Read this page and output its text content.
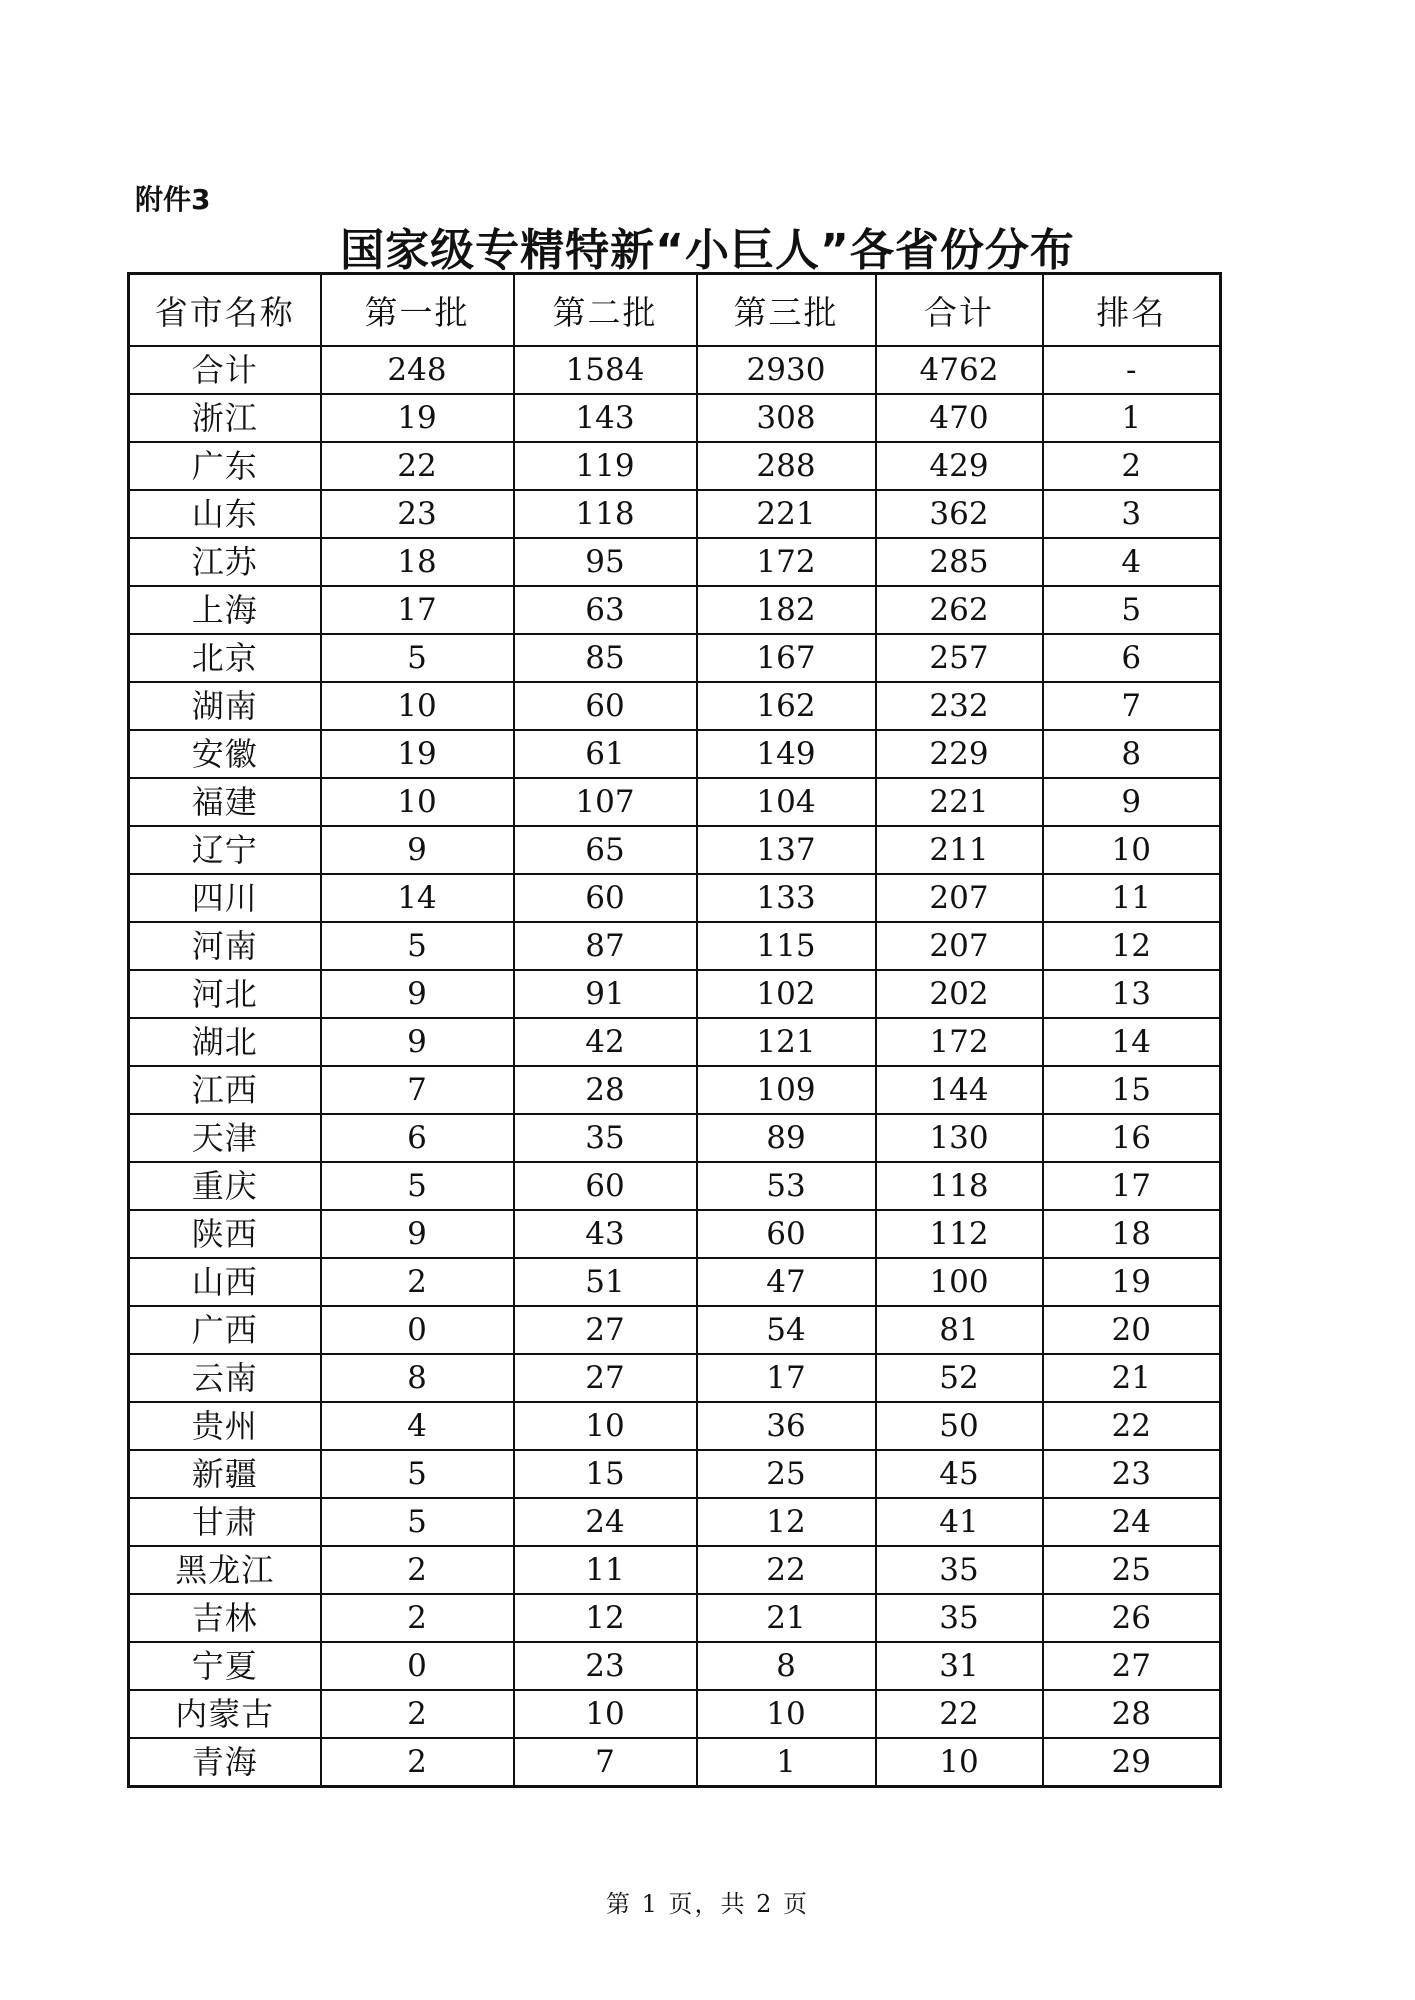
附件3
国家级专精特新“小巨人”各省份分布
省市名称	第一批	第二批	第三批	合计	排名
合计	248	1584	2930	4762	-
浙江	19	143	308	470	1
广东	22	119	288	429	2
山东	23	118	221	362	3
江苏	18	95	172	285	4
上海	17	63	182	262	5
北京	5	85	167	257	6
湖南	10	60	162	232	7
安徽	19	61	149	229	8
福建	10	107	104	221	9
辽宁	9	65	137	211	10
四川	14	60	133	207	11
河南	5	87	115	207	12
河北	9	91	102	202	13
湖北	9	42	121	172	14
江西	7	28	109	144	15
天津	6	35	89	130	16
重庆	5	60	53	118	17
陕西	9	43	60	112	18
山西	2	51	47	100	19
广西	0	27	54	81	20
云南	8	27	17	52	21
贵州	4	10	36	50	22
新疆	5	15	25	45	23
甘肃	5	24	12	41	24
黑龙江	2	11	22	35	25
吉林	2	12	21	35	26
宁夏	0	23	8	31	27
内蒙古	2	10	10	22	28
青海	2	7	1	10	29
第 1 页，共 2 页
